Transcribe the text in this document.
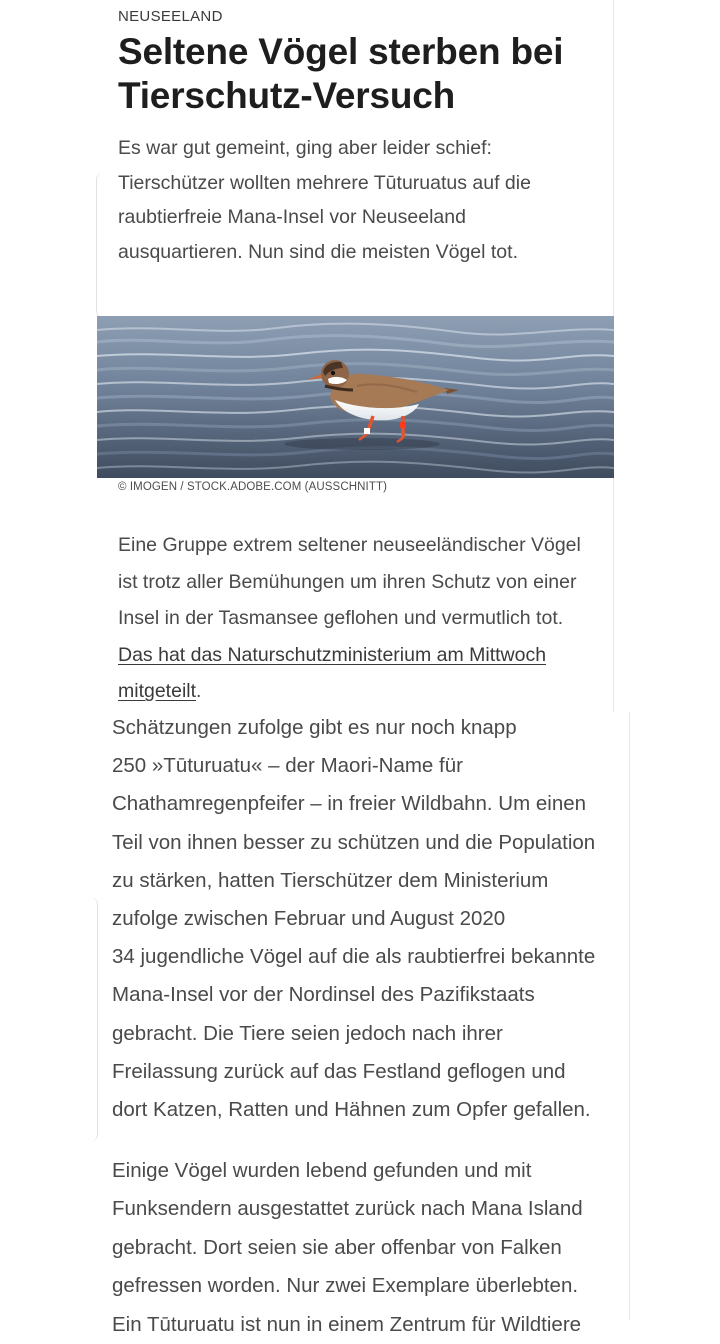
NEUSEELAND
Seltene Vögel sterben bei
Tierschutz-Versuch

Es war gut gemeint, ging aber leider schief:
Tierschützer wollten mehrere Tūturuatus auf die
raubtierfreie Mana-Insel vor Neuseeland
ausquartieren. Nun sind die meisten Vögel tot.

© IMOGEN / STOCK.ADOBE.COM (AUSSCHNITT)

Eine Gruppe extrem seltener neuseeländischer Vögel
ist trotz aller Bemühungen um ihren Schutz von einer
Insel in der Tasmansee geflohen und vermutlich tot.
Das hat das Naturschutzministerium am Mittwoch
mitgeteilt.

Schätzungen zufolge gibt es nur noch knapp
250 »Tūturuatu« – der Maori-Name für
Chathamregenpfeifer – in freier Wildbahn. Um einen
Teil von ihnen besser zu schützen und die Population
zu stärken, hatten Tierschützer dem Ministerium
zufolge zwischen Februar und August 2020
34 jugendliche Vögel auf die als raubtierfrei bekannte
Mana-Insel vor der Nordinsel des Pazifikstaats
gebracht. Die Tiere seien jedoch nach ihrer
Freilassung zurück auf das Festland geflogen und
dort Katzen, Ratten und Hähnen zum Opfer gefallen.

Einige Vögel wurden lebend gefunden und mit
Funksendern ausgestattet zurück nach Mana Island
gebracht. Dort seien sie aber offenbar von Falken
gefressen worden. Nur zwei Exemplare überlebten.
Ein Tūturuatu ist nun in einem Zentrum für Wildtiere
